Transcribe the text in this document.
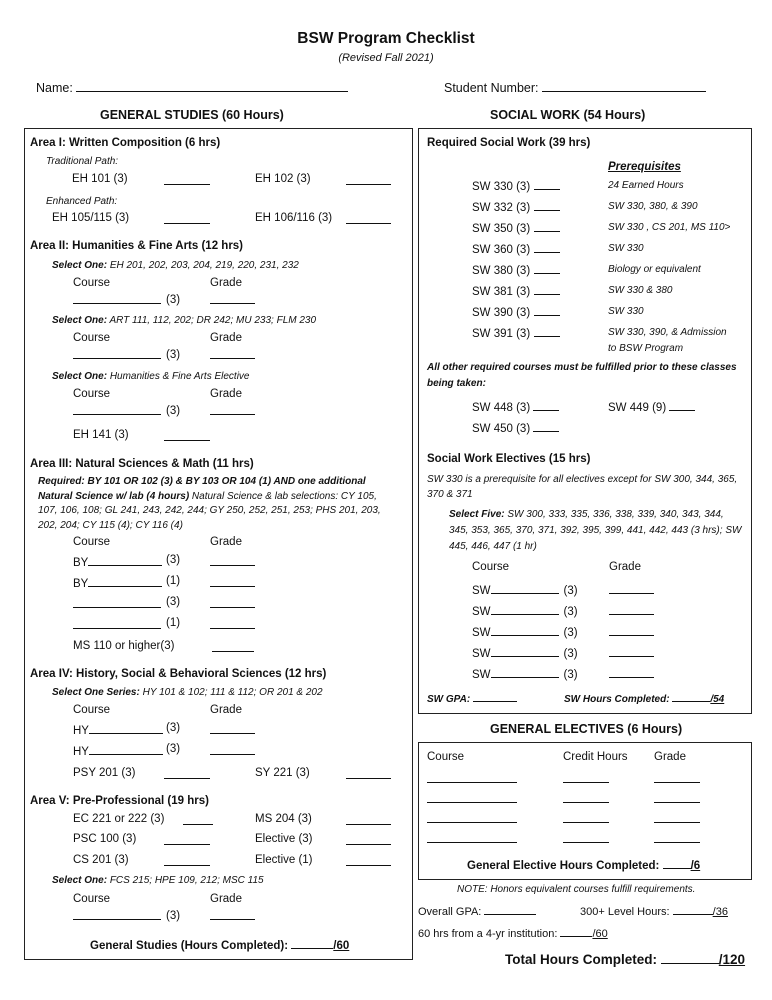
BSW Program Checklist
(Revised Fall 2021)
Name:	Student Number:
GENERAL STUDIES (60 Hours)	SOCIAL WORK (54 Hours)
Area I: Written Composition (6 hrs)
Traditional Path:
EH 101 (3)	EH 102 (3)
Enhanced Path:
EH 105/115 (3)	EH 106/116 (3)
Area II: Humanities & Fine Arts (12 hrs)
Select One: EH 201, 202, 203, 204, 219, 220, 231, 232
Course	Grade
(3)
Select One: ART 111, 112, 202; DR 242; MU 233; FLM 230
Course	Grade
(3)
Select One: Humanities & Fine Arts Elective
Course	Grade
(3)
EH 141 (3)
Area III: Natural Sciences & Math (11 hrs)
Required: BY 101 OR 102 (3) & BY 103 OR 104 (1) AND one additional Natural Science w/ lab (4 hours) Natural Science & lab selections: CY 105, 107, 106, 108; GL 241, 243, 242, 244; GY 250, 252, 251, 253; PHS 201, 203, 202, 204; CY 115 (4); CY 116 (4)
Course	Grade
BY	(3)
BY	(1)
(3)
(1)
MS 110 or higher(3)
Area IV: History, Social & Behavioral Sciences (12 hrs)
Select One Series: HY 101 & 102; 111 & 112; OR 201 & 202
Course	Grade
HY	(3)
HY	(3)
PSY 201 (3)	SY 221 (3)
Area V: Pre-Professional (19 hrs)
EC 221 or 222 (3)	MS 204 (3)
PSC 100 (3)	Elective (3)
CS 201 (3)	Elective (1)
Select One: FCS 215; HPE 109, 212; MSC 115
Course	Grade
(3)
General Studies (Hours Completed):	/60
Required Social Work (39 hrs)
Prerequisites
SW 330 (3)	24 Earned Hours
SW 332 (3)	SW 330, 380, & 390
SW 350 (3)	SW 330 , CS 201, MS 110>
SW 360 (3)	SW 330
SW 380 (3)	Biology or equivalent
SW 381 (3)	SW 330 & 380
SW 390 (3)	SW 330
SW 391 (3)	SW 330, 390, & Admission
to BSW Program
All other required courses must be fulfilled prior to these classes being taken:
SW 448 (3)	SW 449 (9)
SW 450 (3)
Social Work Electives (15 hrs)
SW 330 is a prerequisite for all electives except for SW 300, 344, 365, 370 & 371
Select Five: SW 300, 333, 335, 336, 338, 339, 340, 343, 344, 345, 353, 365, 370, 371, 392, 395, 399, 441, 442, 443 (3 hrs); SW 445, 446, 447 (1 hr)
Course	Grade
SW	(3)
SW	(3)
SW	(3)
SW	(3)
SW	(3)
SW GPA:	SW Hours Completed:	/54
GENERAL ELECTIVES (6 Hours)
Course	Credit Hours Grade
General Elective Hours Completed:	/6
NOTE: Honors equivalent courses fulfill requirements.
Overall GPA:	300+ Level Hours:	/36
60 hrs from a 4-yr institution:	/60
Total Hours Completed:	/120
